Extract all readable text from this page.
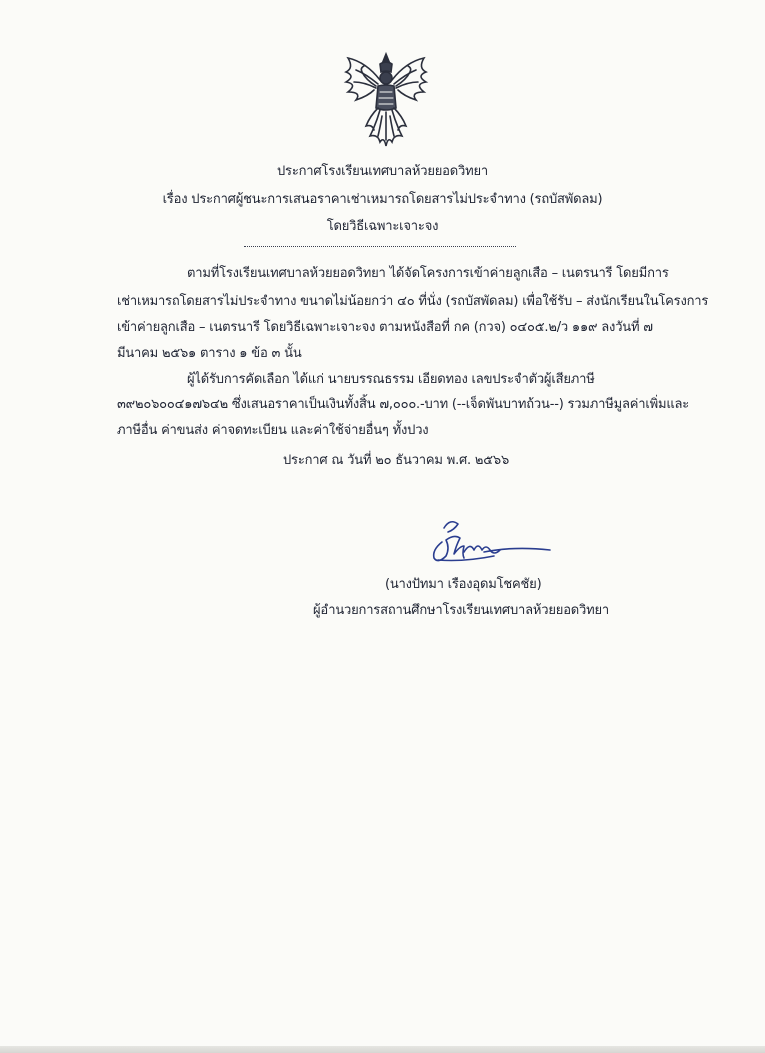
ประกาศโรงเรียนเทศบาลห้วยยอดวิทยา
เรื่อง ประกาศผู้ชนะการเสนอราคาเช่าเหมารถโดยสารไม่ประจำทาง (รถบัสพัดลม)
โดยวิธีเฉพาะเจาะจง
ตามที่โรงเรียนเทศบาลห้วยยอดวิทยา ได้จัดโครงการเข้าค่ายลูกเสือ – เนตรนารี โดยมีการ
เช่าเหมารถโดยสารไม่ประจำทาง ขนาดไม่น้อยกว่า ๔๐ ที่นั่ง (รถบัสพัดลม) เพื่อใช้รับ – ส่งนักเรียนในโครงการ
เข้าค่ายลูกเสือ – เนตรนารี โดยวิธีเฉพาะเจาะจง ตามหนังสือที่ กค (กวจ) ๐๔๐๕.๒/ว ๑๑๙ ลงวันที่ ๗
มีนาคม ๒๕๖๑ ตาราง ๑ ข้อ ๓ นั้น
ผู้ได้รับการคัดเลือก ได้แก่ นายบรรณธรรม เอียดทอง เลขประจำตัวผู้เสียภาษี
๓๙๒๐๖๐๐๔๑๗๖๔๒ ซึ่งเสนอราคาเป็นเงินทั้งสิ้น ๗,๐๐๐.-บาท (--เจ็ดพันบาทถ้วน--) รวมภาษีมูลค่าเพิ่มและ
ภาษีอื่น ค่าขนส่ง ค่าจดทะเบียน และค่าใช้จ่ายอื่นๆ ทั้งปวง
ประกาศ ณ วันที่ ๒๐ ธันวาคม พ.ศ. ๒๕๖๖
(นางปัทมา เรืองอุดมโชคชัย)
ผู้อำนวยการสถานศึกษาโรงเรียนเทศบาลห้วยยอดวิทยา
